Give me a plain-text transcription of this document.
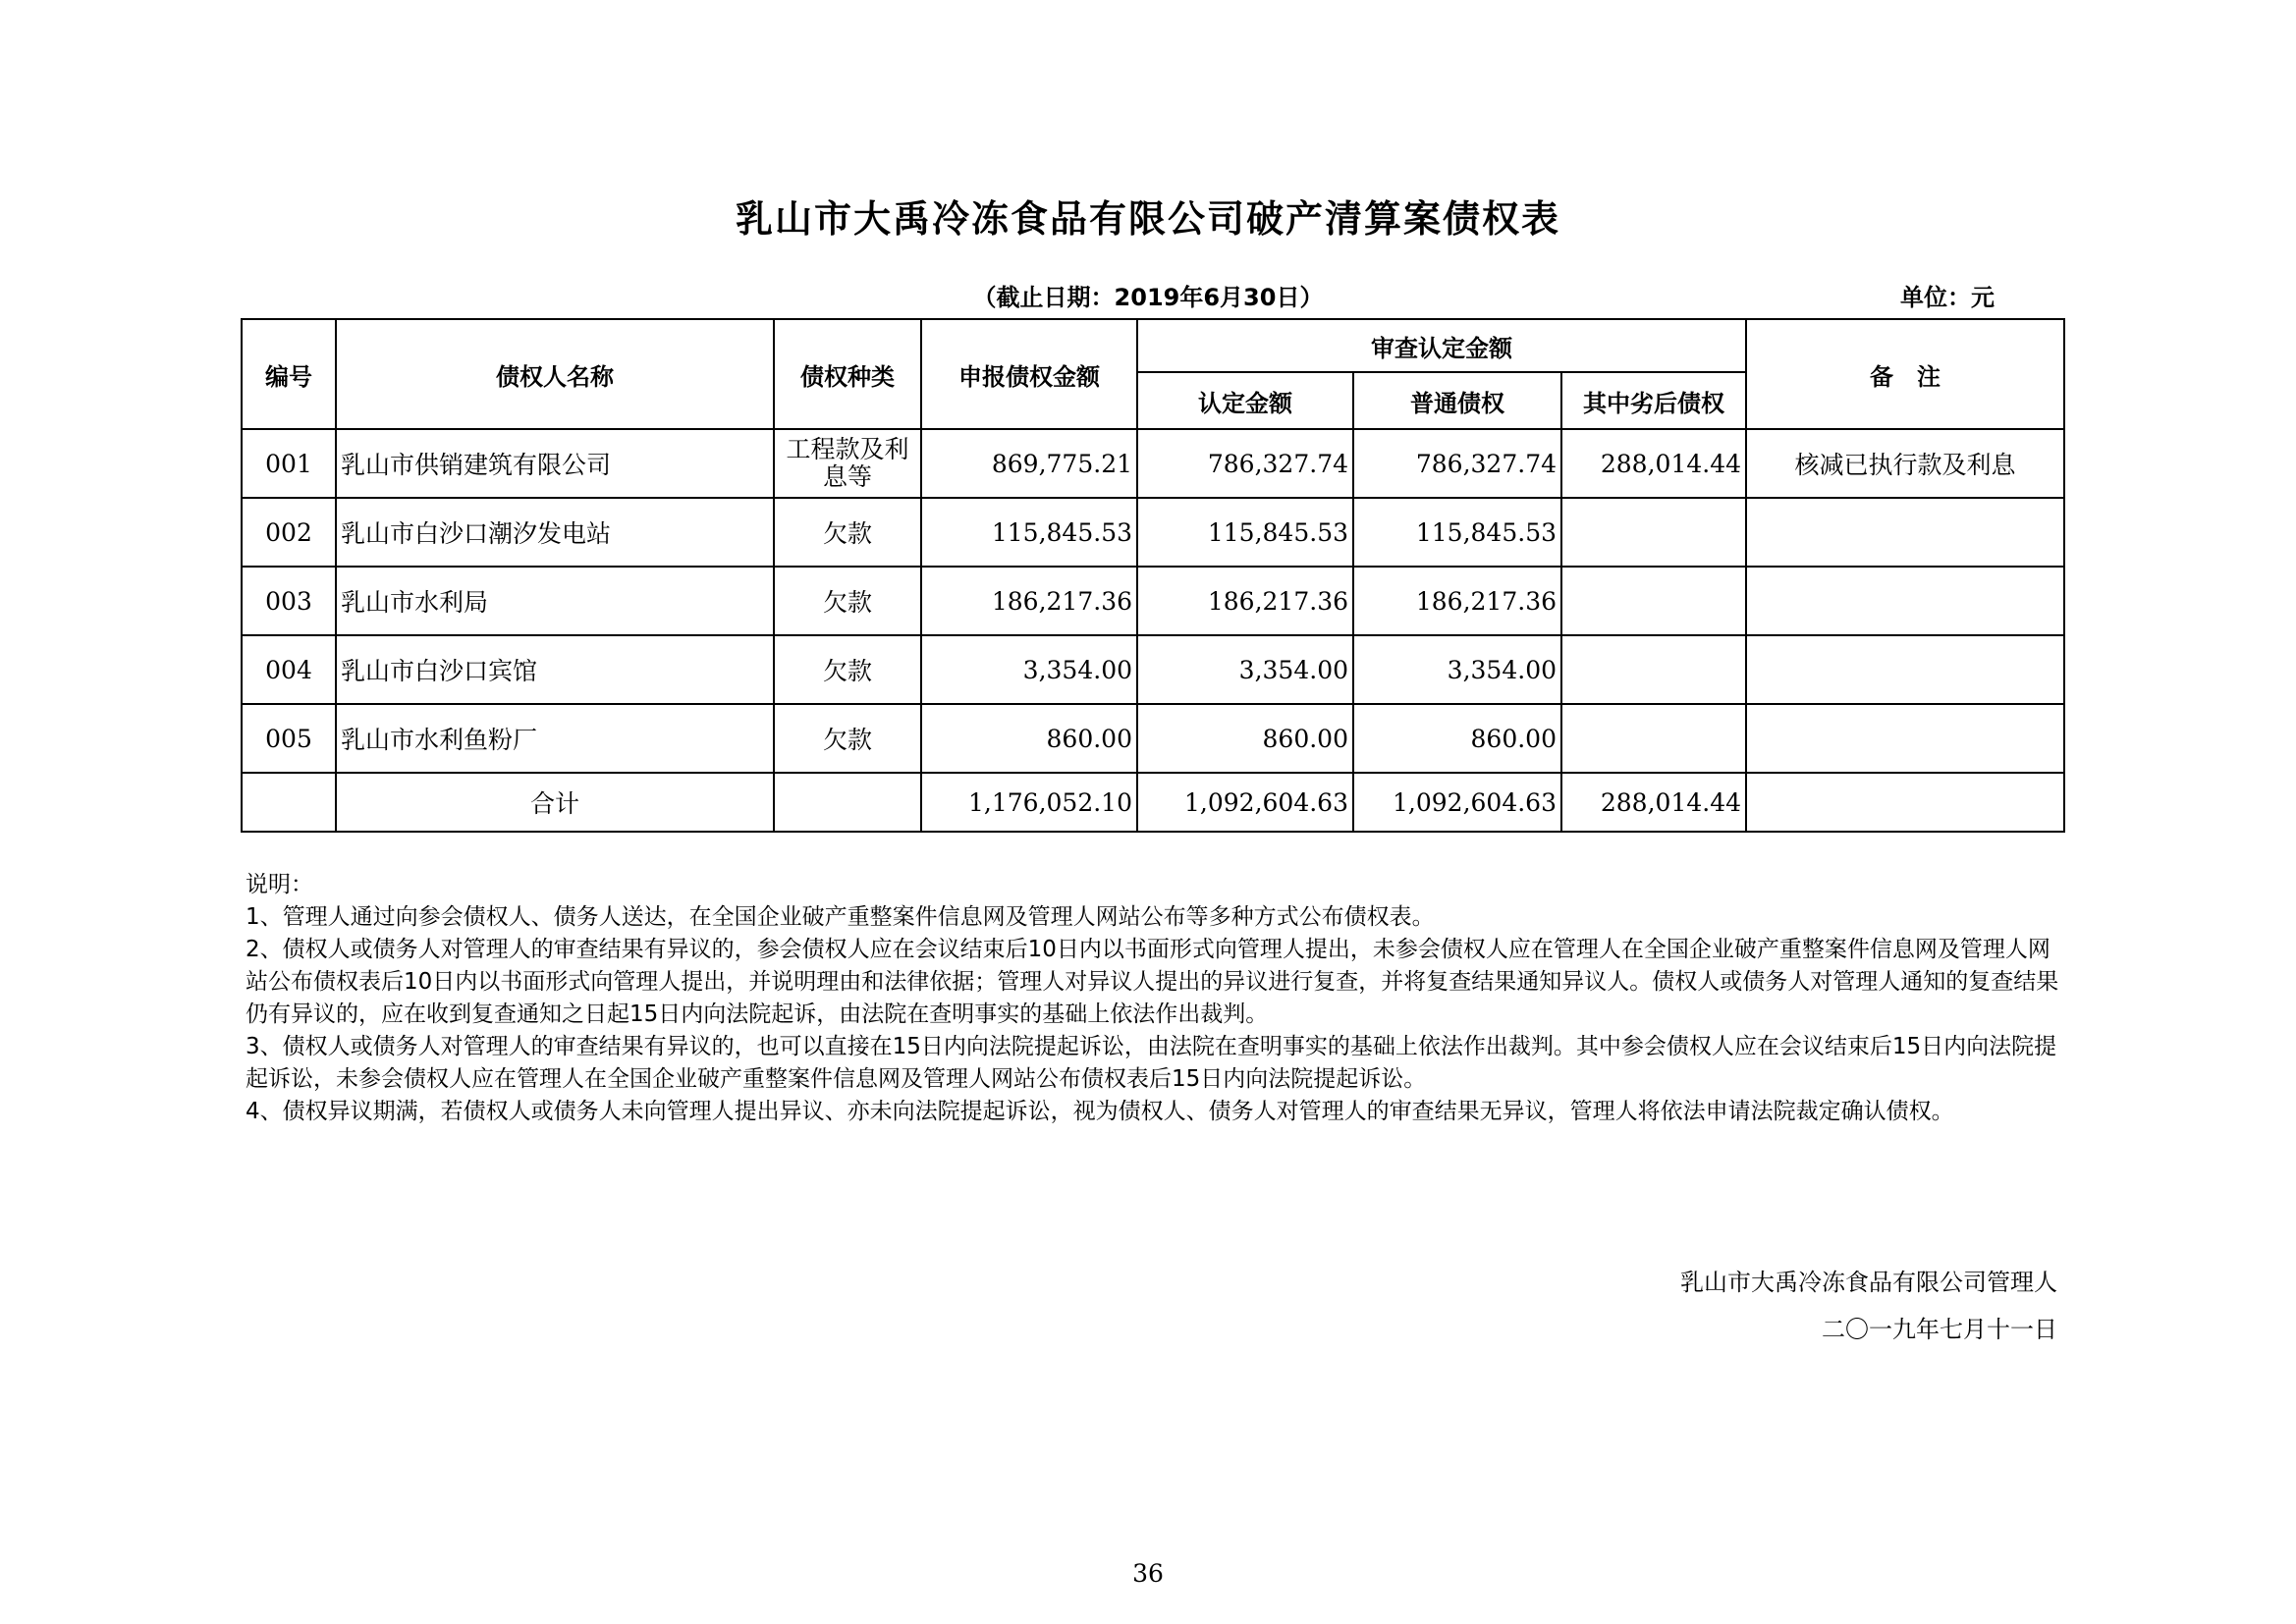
乳山市大禹冷冻食品有限公司破产清算案债权表
（截止日期：2019年6月30日）	单位：元
编号	债权人名称	债权种类	申报债权金额	审查认定金额			备　注
				认定金额	普通债权	其中劣后债权	
001	乳山市供销建筑有限公司	工程款及利息等	869,775.21	786,327.74	786,327.74	288,014.44	核减已执行款及利息
002	乳山市白沙口潮汐发电站	欠款	115,845.53	115,845.53	115,845.53		
003	乳山市水利局	欠款	186,217.36	186,217.36	186,217.36		
004	乳山市白沙口宾馆	欠款	3,354.00	3,354.00	3,354.00		
005	乳山市水利鱼粉厂	欠款	860.00	860.00	860.00		
	合计		1,176,052.10	1,092,604.63	1,092,604.63	288,014.44	

说明：

1、管理人通过向参会债权人、债务人送达，在全国企业破产重整案件信息网及管理人网站公布等多种方式公布债权表。

2、债权人或债务人对管理人的审查结果有异议的，参会债权人应在会议结束后10日内以书面形式向管理人提出，未参会债权人应在管理人在全国企业破产重整案件信息网及管理人网站公布债权表后10日内以书面形式向管理人提出，并说明理由和法律依据；管理人对异议人提出的异议进行复查，并将复查结果通知异议人。债权人或债务人对管理人通知的复查结果仍有异议的，应在收到复查通知之日起15日内向法院起诉，由法院在查明事实的基础上依法作出裁判。

3、债权人或债务人对管理人的审查结果有异议的，也可以直接在15日内向法院提起诉讼，由法院在查明事实的基础上依法作出裁判。其中参会债权人应在会议结束后15日内向法院提起诉讼，未参会债权人应在管理人在全国企业破产重整案件信息网及管理人网站公布债权表后15日内向法院提起诉讼。

4、债权异议期满，若债权人或债务人未向管理人提出异议、亦未向法院提起诉讼，视为债权人、债务人对管理人的审查结果无异议，管理人将依法申请法院裁定确认债权。

乳山市大禹冷冻食品有限公司管理人
二〇一九年七月十一日
36
